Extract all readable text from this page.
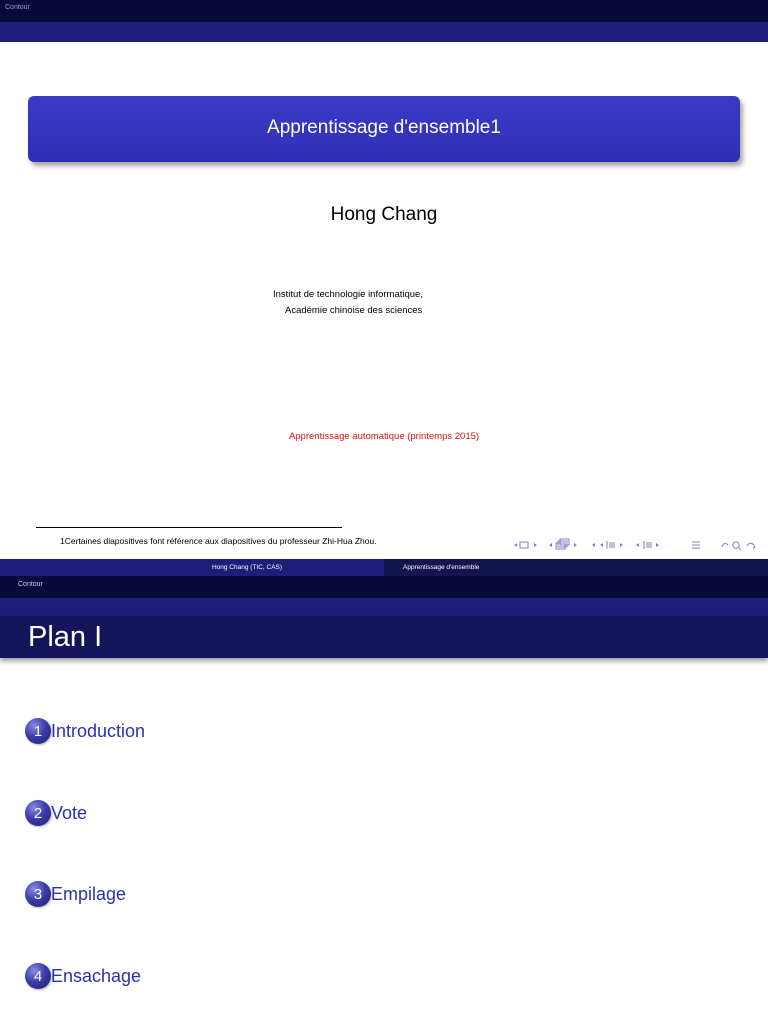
Contour
Apprentissage d'ensemble1
Hong Chang
Institut de technologie informatique,
Académie chinoise des sciences
Apprentissage automatique (printemps 2015)
1Certaines diapositives font référence aux diapositives du professeur Zhi-Hua Zhou.
Hong Chang (TIC, CAS)	Apprentissage d'ensemble
Contour
Plan I
1 Introduction
2 Vote
3 Empilage
4 Ensachage
